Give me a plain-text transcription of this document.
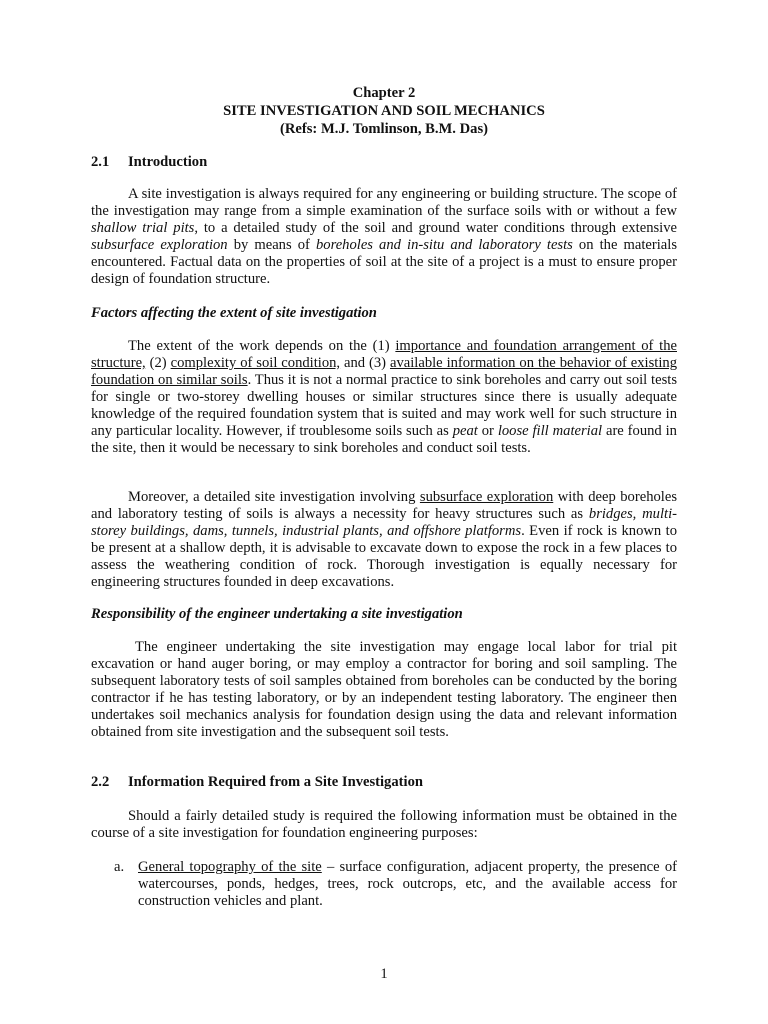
Chapter 2
SITE INVESTIGATION AND SOIL MECHANICS
(Refs: M.J. Tomlinson, B.M. Das)
2.1 Introduction

A site investigation is always required for any engineering or building structure. The scope of the investigation may range from a simple examination of the surface soils with or without a few shallow trial pits, to a detailed study of the soil and ground water conditions through extensive subsurface exploration by means of boreholes and in-situ and laboratory tests on the materials encountered. Factual data on the properties of soil at the site of a project is a must to ensure proper design of foundation structure.

Factors affecting the extent of site investigation

The extent of the work depends on the (1) importance and foundation arrangement of the structure, (2) complexity of soil condition, and (3) available information on the behavior of existing foundation on similar soils. Thus it is not a normal practice to sink boreholes and carry out soil tests for single or two-storey dwelling houses or similar structures since there is usually adequate knowledge of the required foundation system that is suited and may work well for such structure in any particular locality. However, if troublesome soils such as peat or loose fill material are found in the site, then it would be necessary to sink boreholes and conduct soil tests.

Moreover, a detailed site investigation involving subsurface exploration with deep boreholes and laboratory testing of soils is always a necessity for heavy structures such as bridges, multi-storey buildings, dams, tunnels, industrial plants, and offshore platforms. Even if rock is known to be present at a shallow depth, it is advisable to excavate down to expose the rock in a few places to assess the weathering condition of rock. Thorough investigation is equally necessary for engineering structures founded in deep excavations.

Responsibility of the engineer undertaking a site investigation

The engineer undertaking the site investigation may engage local labor for trial pit excavation or hand auger boring, or may employ a contractor for boring and soil sampling. The subsequent laboratory tests of soil samples obtained from boreholes can be conducted by the boring contractor if he has testing laboratory, or by an independent testing laboratory. The engineer then undertakes soil mechanics analysis for foundation design using the data and relevant information obtained from site investigation and the subsequent soil tests.

2.2 Information Required from a Site Investigation

Should a fairly detailed study is required the following information must be obtained in the course of a site investigation for foundation engineering purposes:

a. General topography of the site – surface configuration, adjacent property, the presence of watercourses, ponds, hedges, trees, rock outcrops, etc, and the available access for construction vehicles and plant.
1
